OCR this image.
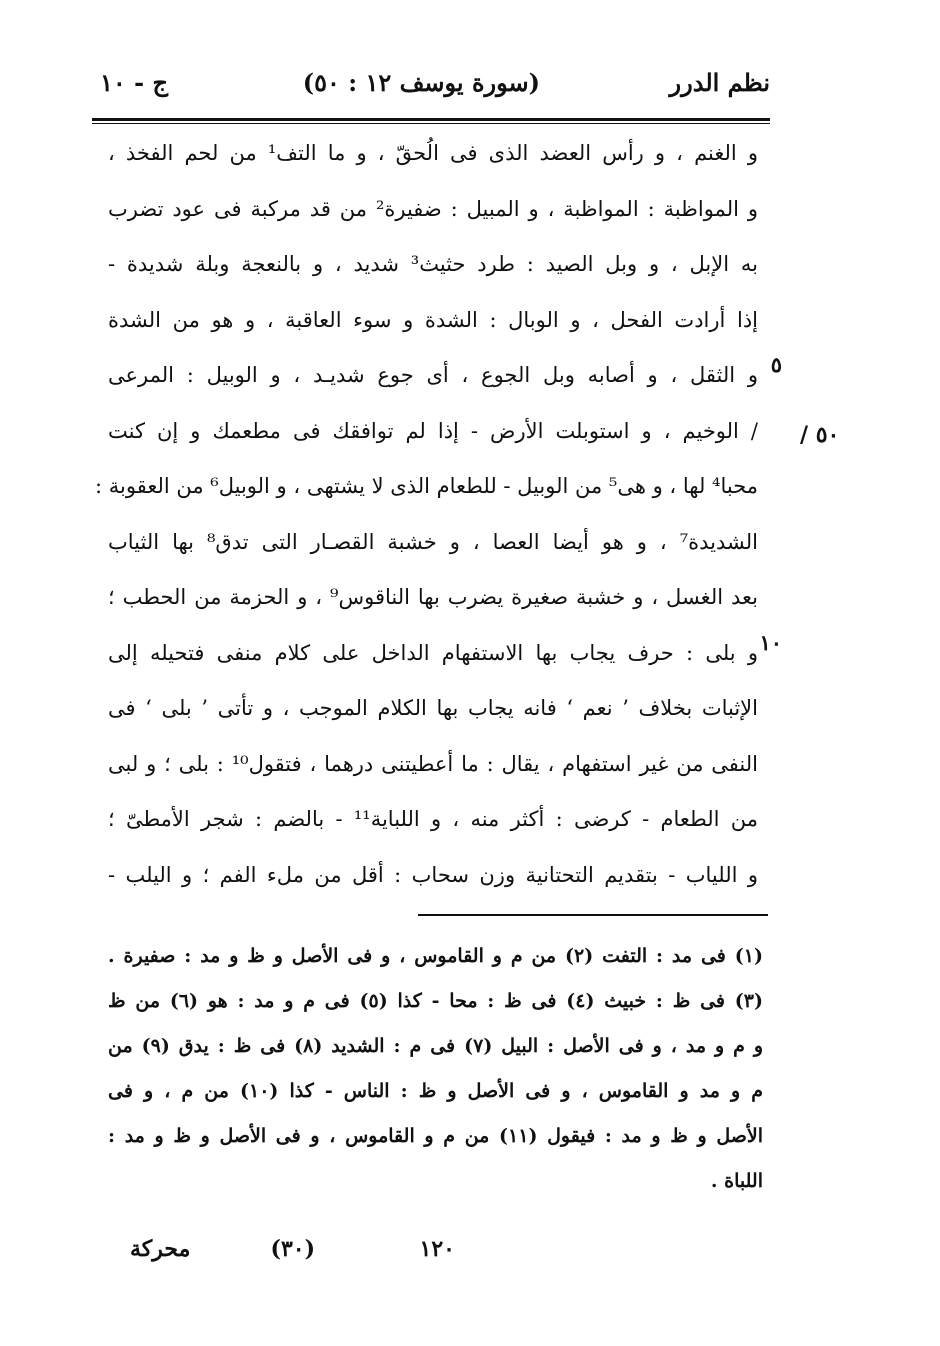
نظم الدرر
(سورة يوسف ١٢ : ٥٠)
ج - ١٠
و الغنم ، و رأس العضد الذى فى الُحقّ ، و ما التف¹ من لحم الفخذ ،
و المواظبة : المواظبة ، و المبيل : ضفيرة² من قد مركبة فى عود تضرب
به الإبل ، و وبل الصيد : طرد حثيث³ شديد ، و بالنعجة وبلة شديدة -
إذا أرادت الفحل ، و الوبال : الشدة و سوء العاقبة ، و هو من الشدة
و الثقل ، و أصابه وبل الجوع ، أى جوع شديـد ، و الوبيل : المرعى
/ الوخيم ، و استوبلت الأرض - إذا لم توافقك فى مطعمك و إن كنت
محبا⁴ لها ، و هى⁵ من الوبيل - للطعام الذى لا يشتهى ، و الوبيل⁶ من العقوبة :
الشديدة⁷ ، و هو أيضا العصا ، و خشبة القصـار التى تدق⁸ بها الثياب
بعد الغسل ، و خشبة صغيرة يضرب بها الناقوس⁹ ، و الحزمة من الحطب ؛
و بلى : حرف يجاب بها الاستفهام الداخل على كلام منفى فتحيله إلى
الإثبات بخلاف ’ نعم ‘ فانه يجاب بها الكلام الموجب ، و تأتى ’ بلى ‘ فى
النفى من غير استفهام ، يقال : ما أعطيتنى درهما ، فتقول¹⁰ : بلى ؛ و لبى
من الطعام - كرضى : أكثر منه ، و اللباية¹¹ - بالضم : شجر الأمطىّ ؛
و اللياب - بتقديم التحتانية وزن سحاب : أقل من ملء الفم ؛ و اليلب -
٥
١٠
٥٠ /
(١) فى مد : التفت (٢) من م و القاموس ، و فى الأصل و ظ و مد : صفيرة .
(٣) فى ظ : خبيث (٤) فى ظ : محا - كذا (٥) فى م و مد : هو (٦) من ظ
و م و مد ، و فى الأصل : البيل (٧) فى م : الشديد (٨) فى ظ : يدق (٩) من
م و مد و القاموس ، و فى الأصل و ظ : الناس - كذا (١٠) من م ، و فى
الأصل و ظ و مد : فيقول (١١) من م و القاموس ، و فى الأصل و ظ و مد :
اللباة .
١٢٠
(٣٠)
محركة
